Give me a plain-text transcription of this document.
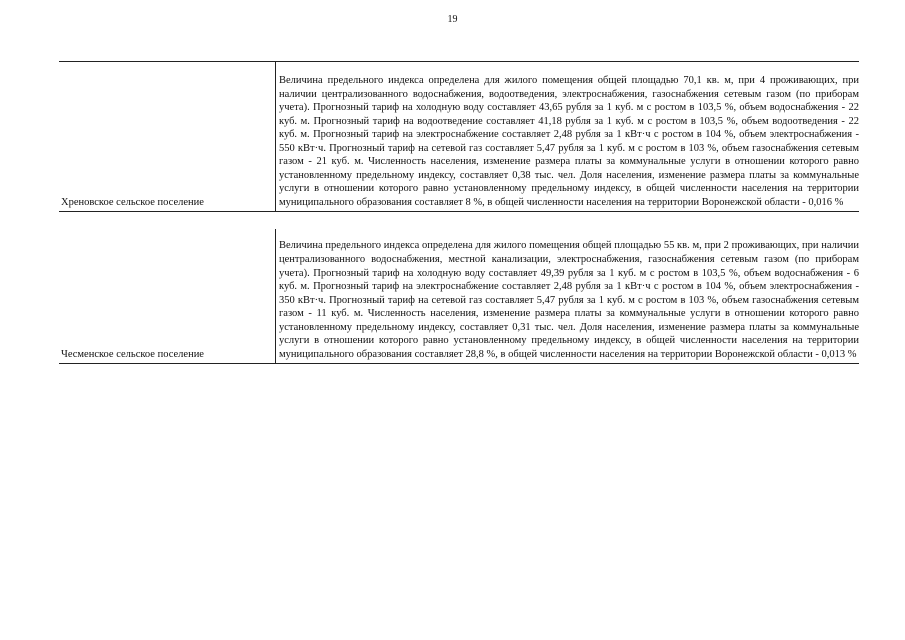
19
Хреновское сельское поселение
Величина предельного индекса определена для жилого помещения общей площадью 70,1 кв. м, при 4 проживающих, при наличии централизованного водоснабжения, водоотведения, электроснабжения, газоснабжения сетевым газом (по приборам учета). Прогнозный тариф на холодную воду составляет 43,65 рубля за 1 куб. м с ростом в 103,5 %, объем водоснабжения - 22 куб. м. Прогнозный тариф на водоотведение составляет 41,18 рубля за 1 куб. м с ростом в 103,5 %, объем водоотведения - 22 куб. м. Прогнозный тариф на электроснабжение составляет 2,48 рубля за 1 кВт·ч с ростом в 104 %, объем электроснабжения - 550 кВт·ч. Прогнозный тариф на сетевой газ составляет 5,47 рубля за 1 куб. м с ростом в 103 %, объем газоснабжения сетевым газом - 21 куб. м. Численность населения, изменение размера платы за коммунальные услуги в отношении которого равно установленному предельному индексу, составляет 0,38 тыс. чел. Доля населения, изменение размера платы за коммунальные услуги в отношении которого равно установленному предельному индексу, в общей численности населения на территории муниципального образования составляет 8 %, в общей численности населения на территории Воронежской области - 0,016 %
Чесменское сельское поселение
Величина предельного индекса определена для жилого помещения общей площадью 55 кв. м, при 2 проживающих, при наличии централизованного водоснабжения, местной канализации, электроснабжения, газоснабжения сетевым газом (по приборам учета). Прогнозный тариф на холодную воду составляет 49,39 рубля за 1 куб. м с ростом в 103,5 %, объем водоснабжения - 6 куб. м. Прогнозный тариф на электроснабжение составляет 2,48 рубля за 1 кВт·ч с ростом в 104 %, объем электроснабжения - 350 кВт·ч. Прогнозный тариф на сетевой газ составляет 5,47 рубля за 1 куб. м с ростом в 103 %, объем газоснабжения сетевым газом - 11 куб. м. Численность населения, изменение размера платы за коммунальные услуги в отношении которого равно установленному предельному индексу, составляет 0,31 тыс. чел. Доля населения, изменение размера платы за коммунальные услуги в отношении которого равно установленному предельному индексу, в общей численности населения на территории муниципального образования составляет 28,8 %, в общей численности населения на территории Воронежской области - 0,013 %
